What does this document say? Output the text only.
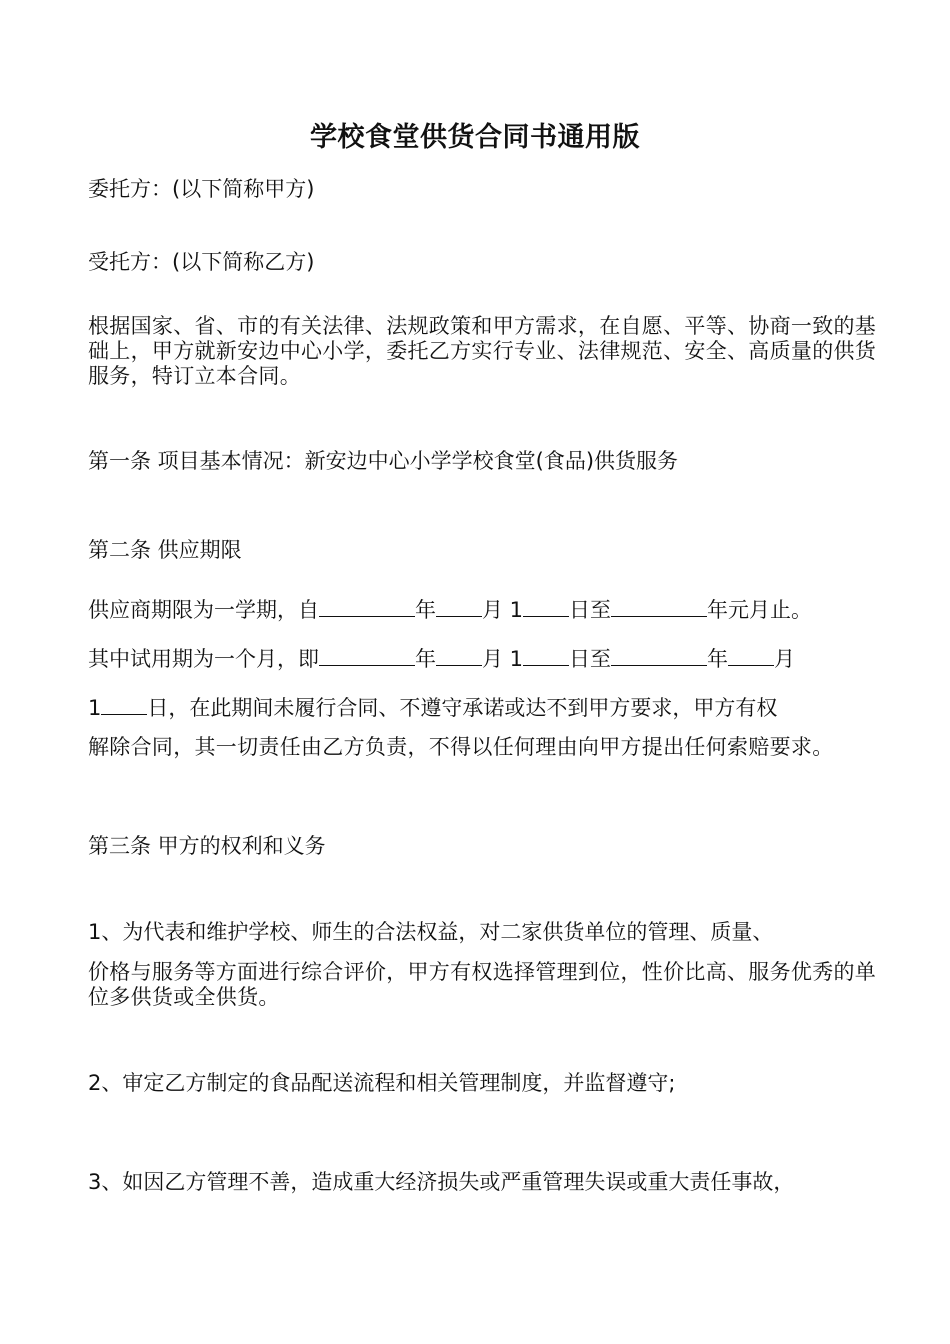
学校食堂供货合同书通用版
委托方：(以下简称甲方)
受托方：(以下简称乙方)
根据国家、省、市的有关法律、法规政策和甲方需求，在自愿、平等、协商一致的基础上，甲方就新安边中心小学，委托乙方实行专业、法律规范、安全、高质量的供货服务，特订立本合同。
第一条 项目基本情况：新安边中心小学学校食堂(食品)供货服务
第二条 供应期限
供应商期限为一学期，自	年 月 1 日至	年元月止。
其中试用期为一个月，即	年 月 1 日至	年 月
1 日，在此期间未履行合同、不遵守承诺或达不到甲方要求，甲方有权
解除合同，其一切责任由乙方负责，不得以任何理由向甲方提出任何索赔要求。
第三条 甲方的权利和义务
1、为代表和维护学校、师生的合法权益，对二家供货单位的管理、质量、
价格与服务等方面进行综合评价，甲方有权选择管理到位，性价比高、服务优秀的单位多供货或全供货。
2、审定乙方制定的食品配送流程和相关管理制度，并监督遵守;
3、如因乙方管理不善，造成重大经济损失或严重管理失误或重大责任事故，
